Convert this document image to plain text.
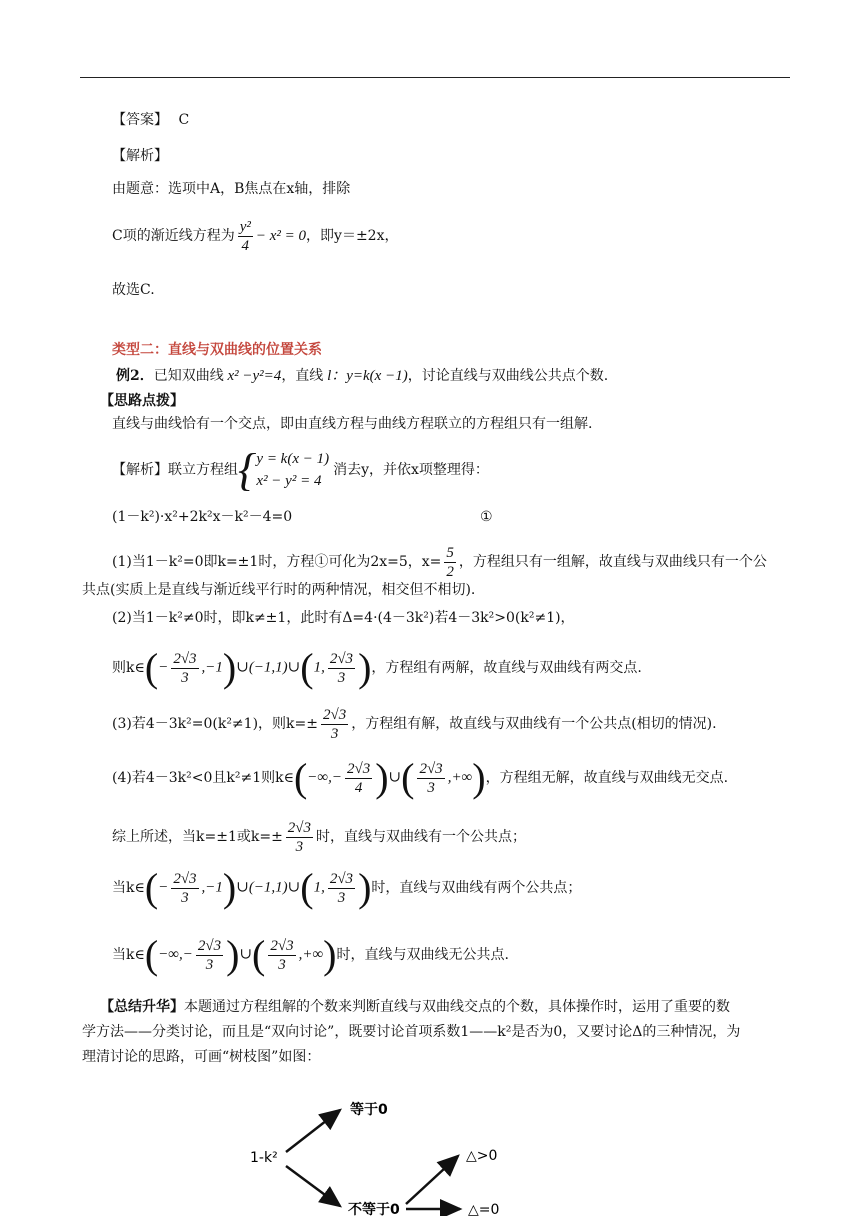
【答案】 C
【解析】
由题意：选项中A，B焦点在x轴，排除
C项的渐近线方程为 $\frac{\text{y²}}{4} - x^2 = 0$，即y＝±2x，
故选C.
类型二：直线与双曲线的位置关系
例2．已知双曲线 x² −y²=4，直线 l：y=k(x −1)，讨论直线与双曲线公共点个数.
【思路点拨】
直线与曲线恰有一个交点，即由直线方程与曲线方程联立的方程组只有一组解.
【解析】 联立方程组 { y = k(x − 1)
x² − y² = 4
消去y，并依x项整理得：
(1－k²)·x²+2k²x－k²－4=0	①
(1)当1－k²=0即k=±1时，方程①可化为2x=5，$x= \frac{5}{2}$ ，方程组只有一组解，故直线与双曲线只有一个公
共点(实质上是直线与渐近线平行时的两种情况，相交但不相切).
(2)当1－k²≠0时，即k≠±1，此时有Δ=4·(4－3k²)若4－3k²>0(k²≠1)，
则k∈ (− $\frac{2√3}{3}$ ,−1)∪(−1,1)∪(1, $\frac{2√3}{3}$ ) ，方程组有两解，故直线与双曲线有两交点.
(3)若4－3k²=0(k²≠1)，则$k=\pm \frac{2√3}{3}$ ，方程组有解，故直线与双曲线有一个公共点(相切的情况).
(4)若4－3k²<0且k²≠1则k∈ (−∞,− $\frac{2√3}{4}$ )∪( $\frac{2√3}{3}$ ,+∞) ，方程组无解，故直线与双曲线无交点.
综上所述，当k=±1或$k=\pm \frac{2√3}{3}$ 时，直线与双曲线有一个公共点；
当k∈ (− $\frac{2√3}{3}$ ,−1)∪(−1,1)∪(1, $\frac{2√3}{3}$ ) 时，直线与双曲线有两个公共点；
当k∈ (−∞,− $\frac{2√3}{3}$ )∪( $\frac{2√3}{3}$ ,+∞) 时，直线与双曲线无公共点.
【总结升华】本题通过方程组解的个数来判断直线与双曲线交点的个数，具体操作时，运用了重要的数
学方法——分类讨论，而且是“双向讨论”，既要讨论首项系数1——k²是否为0，又要讨论Δ的三种情况，为
理清讨论的思路，可画“树枝图”如图：
1-k²
等于0
不等于0
△>0
△=0
